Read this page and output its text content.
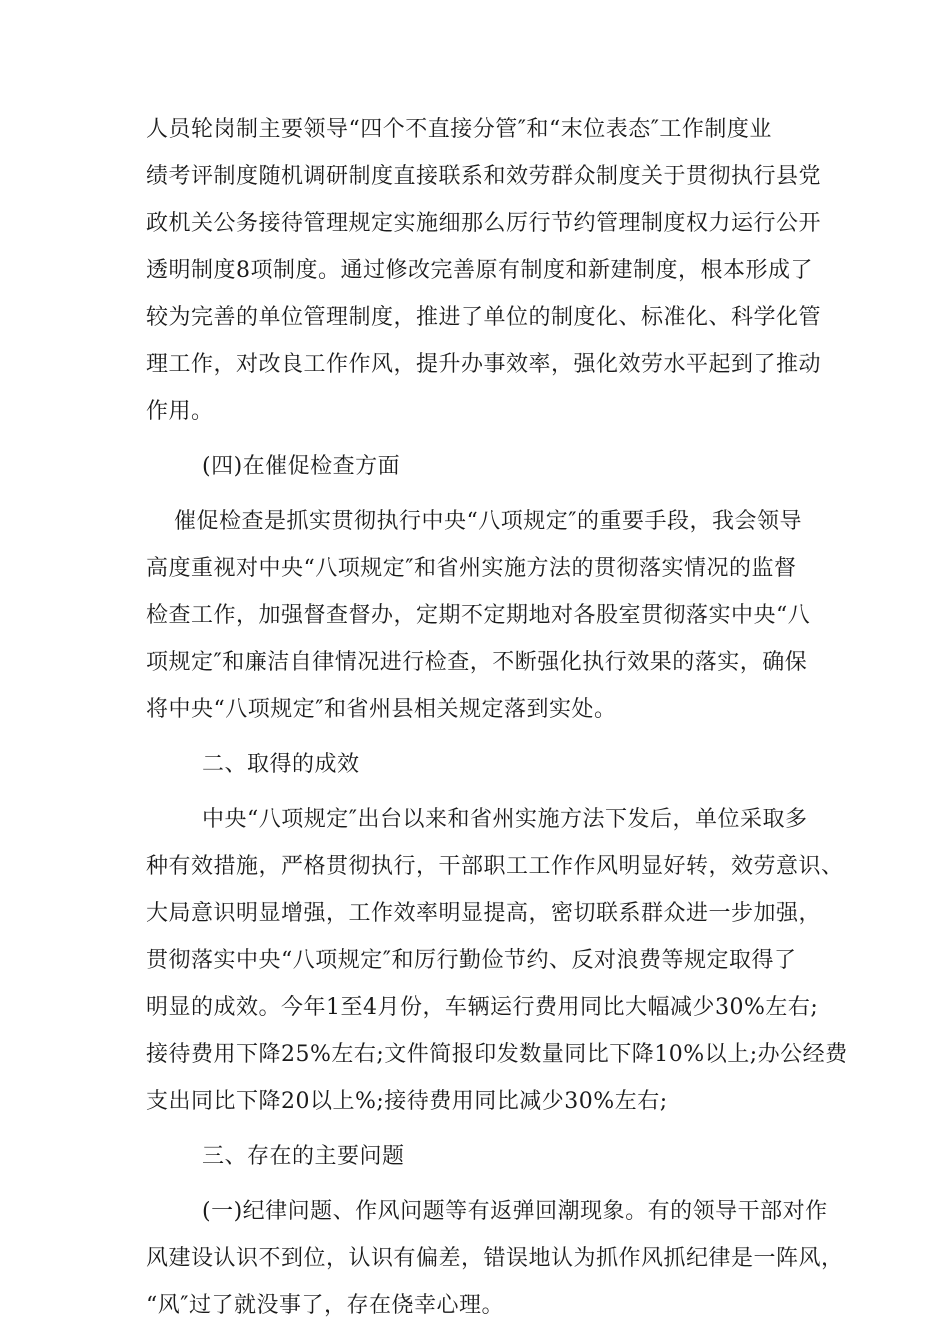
人员轮岗制主要领导“四个不直接分管″和“末位表态″工作制度业
绩考评制度随机调研制度直接联系和效劳群众制度关于贯彻执行县党
政机关公务接待管理规定实施细那么厉行节约管理制度权力运行公开
透明制度8项制度。通过修改完善原有制度和新建制度，根本形成了
较为完善的单位管理制度，推进了单位的制度化、标准化、科学化管
理工作，对改良工作作风，提升办事效率，强化效劳水平起到了推动
作用。
(四)在催促检查方面
催促检查是抓实贯彻执行中央“八项规定″的重要手段，我会领导
高度重视对中央“八项规定″和省州实施方法的贯彻落实情况的监督
检查工作，加强督查督办，定期不定期地对各股室贯彻落实中央“八
项规定″和廉洁自律情况进行检查，不断强化执行效果的落实，确保
将中央“八项规定″和省州县相关规定落到实处。
二、取得的成效
中央“八项规定″出台以来和省州实施方法下发后，单位采取多
种有效措施，严格贯彻执行，干部职工工作作风明显好转，效劳意识、
大局意识明显增强，工作效率明显提高，密切联系群众进一步加强，
贯彻落实中央“八项规定″和厉行勤俭节约、反对浪费等规定取得了
明显的成效。今年1至4月份，车辆运行费用同比大幅减少30%左右;
接待费用下降25%左右;文件简报印发数量同比下降10%以上;办公经费
支出同比下降20以上%;接待费用同比减少30%左右;
三、存在的主要问题
(一)纪律问题、作风问题等有返弹回潮现象。有的领导干部对作
风建设认识不到位，认识有偏差，错误地认为抓作风抓纪律是一阵风，
“风″过了就没事了，存在侥幸心理。
